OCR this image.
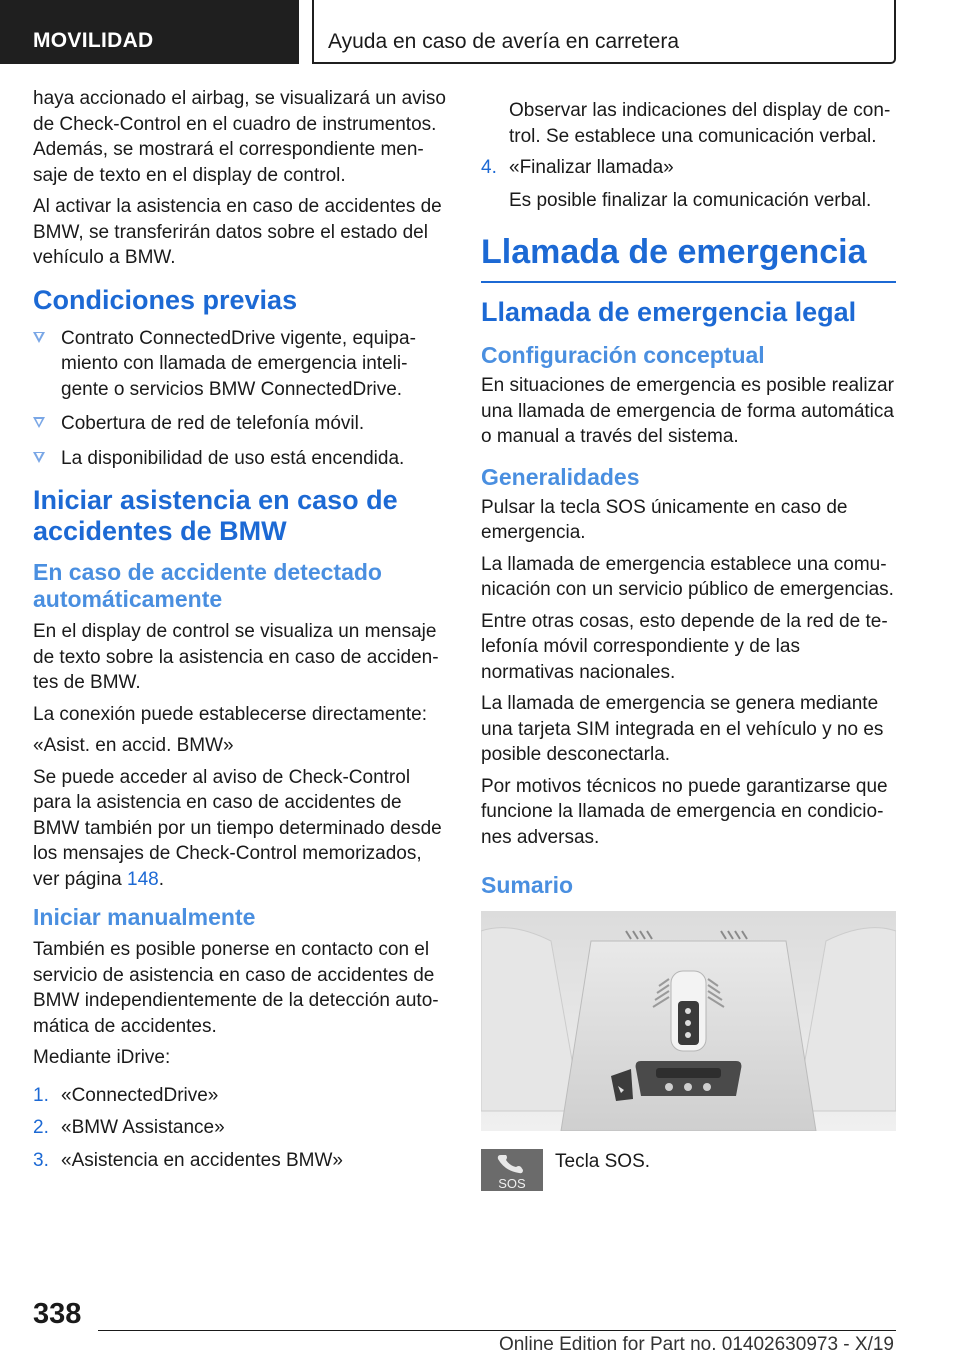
MOVILIDAD	Ayuda en caso de avería en carretera

haya accionado el airbag, se visualizará un aviso de Check-Control en el cuadro de instrumentos. Además, se mostrará el correspondiente mensaje de texto en el display de control.

Al activar la asistencia en caso de accidentes de BMW, se transferirán datos sobre el estado del vehículo a BMW.

Condiciones previas
Contrato ConnectedDrive vigente, equipamiento con llamada de emergencia inteligente o servicios BMW ConnectedDrive.
Cobertura de red de telefonía móvil.
La disponibilidad de uso está encendida.
Iniciar asistencia en caso de accidentes de BMW
En caso de accidente detectado automáticamente

En el display de control se visualiza un mensaje de texto sobre la asistencia en caso de accidentes de BMW.

La conexión puede establecerse directamente:

«Asist. en accid. BMW»

Se puede acceder al aviso de Check-Control para la asistencia en caso de accidentes de BMW también por un tiempo determinado desde los mensajes de Check-Control memorizados, ver página 148.

Iniciar manualmente

También es posible ponerse en contacto con el servicio de asistencia en caso de accidentes de BMW independientemente de la detección automática de accidentes.

Mediante iDrive:

1. «ConnectedDrive»
2. «BMW Assistance»
3. «Asistencia en accidentes BMW»

Observar las indicaciones del display de control. Se establece una comunicación verbal.

4. «Finalizar llamada»

Es posible finalizar la comunicación verbal.

Llamada de emergencia
Llamada de emergencia legal
Configuración conceptual

En situaciones de emergencia es posible realizar una llamada de emergencia de forma automática o manual a través del sistema.

Generalidades

Pulsar la tecla SOS únicamente en caso de emergencia.

La llamada de emergencia establece una comunicación con un servicio público de emergencias.

Entre otras cosas, esto depende de la red de telefonía móvil correspondiente y de las normativas nacionales.

La llamada de emergencia se genera mediante una tarjeta SIM integrada en el vehículo y no es posible desconectarla.

Por motivos técnicos no puede garantizarse que funcione la llamada de emergencia en condiciones adversas.

Sumario
SOS
Tecla SOS.
338
Online Edition for Part no. 01402630973 - X/19
